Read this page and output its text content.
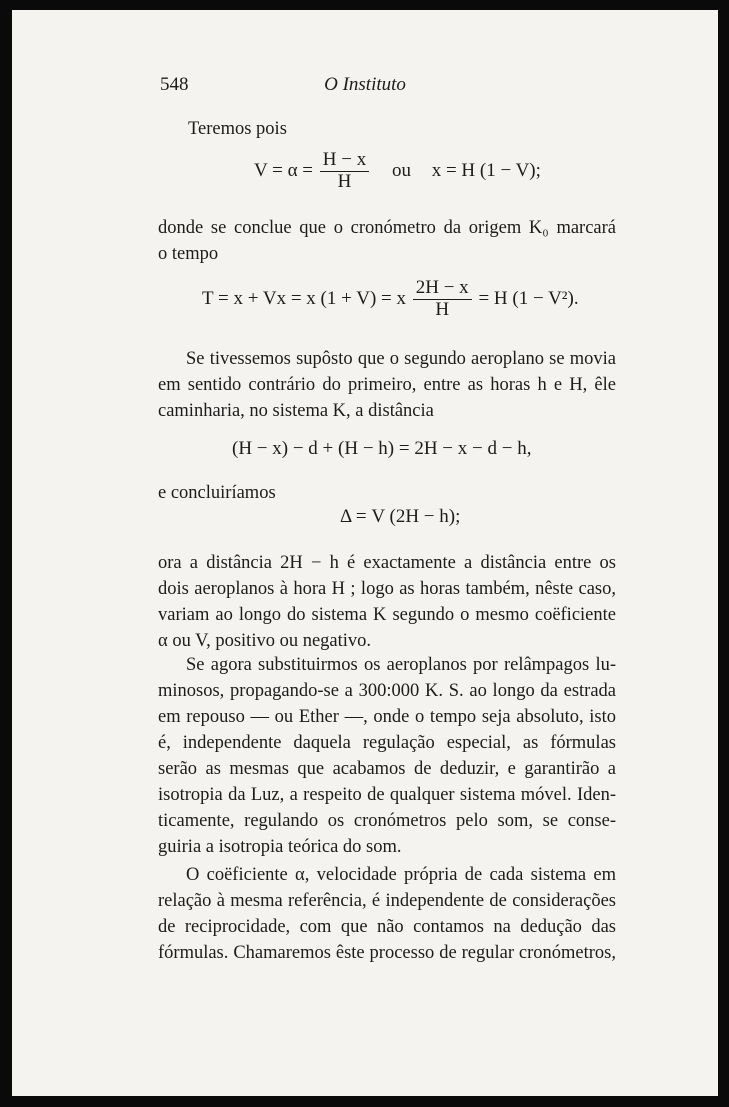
O Instituto
548
Teremos pois
$V = \alpha = \frac{H - x}{H}$ ou x = H (1 − V);
donde se conclue que o cronómetro da origem K₀ marcará
o tempo
T = x + Vx = x (1 + V) = x $\frac{2H - x}{H} = H$ (1 − V²).
Se tivessemos supôsto que o segundo aeroplano se movia
em sentido contrário do primeiro, entre as horas h e H, êle
caminharia, no sistema K, a distância
(H − x) − d + (H − h) = 2H − x − d − h,
e concluiríamos
Δ = V (2H − h);
ora a distância 2H − h é exactamente a distância entre os
dois aeroplanos à hora H ; logo as horas também, nêste caso,
variam ao longo do sistema K segundo o mesmo coëficiente
α ou V, positivo ou negativo.
Se agora substituirmos os aeroplanos por relâmpagos lu-
minosos, propagando-se a 300:000 K. S. ao longo da estrada
em repouso — ou Ether —, onde o tempo seja absoluto, isto
é, independente daquela regulação especial, as fórmulas
serão as mesmas que acabamos de deduzir, e garantirão a
isotropia da Luz, a respeito de qualquer sistema móvel. Iden-
ticamente, regulando os cronómetros pelo som, se conse-
guiria a isotropia teórica do som.
O coëficiente α, velocidade própria de cada sistema em
relação à mesma referência, é independente de considerações
de reciprocidade, com que não contamos na dedução das
fórmulas. Chamaremos êste processo de regular cronómetros,
